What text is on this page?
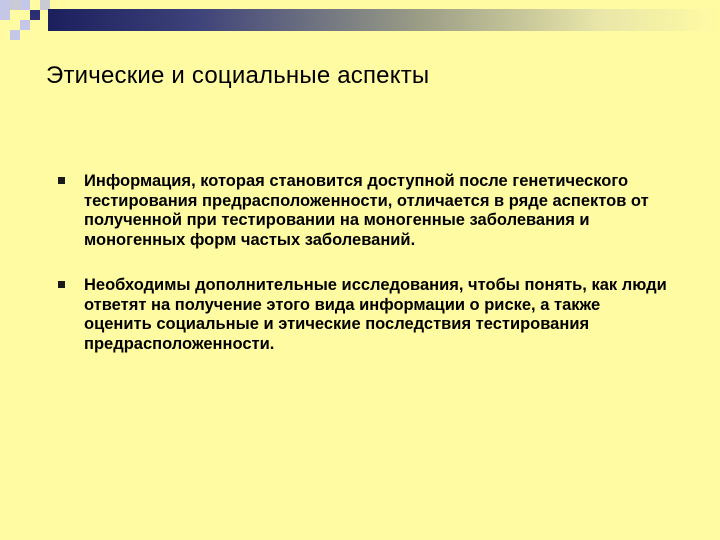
Этические и социальные аспекты
Информация, которая становится доступной после генетического тестирования предрасположенности, отличается в ряде аспектов от полученной при тестировании на моногенные заболевания и моногенных форм частых заболеваний.
Необходимы дополнительные исследования, чтобы понять, как люди ответят на получение этого вида информации о риске, а также оценить социальные и этические последствия тестирования предрасположенности.
